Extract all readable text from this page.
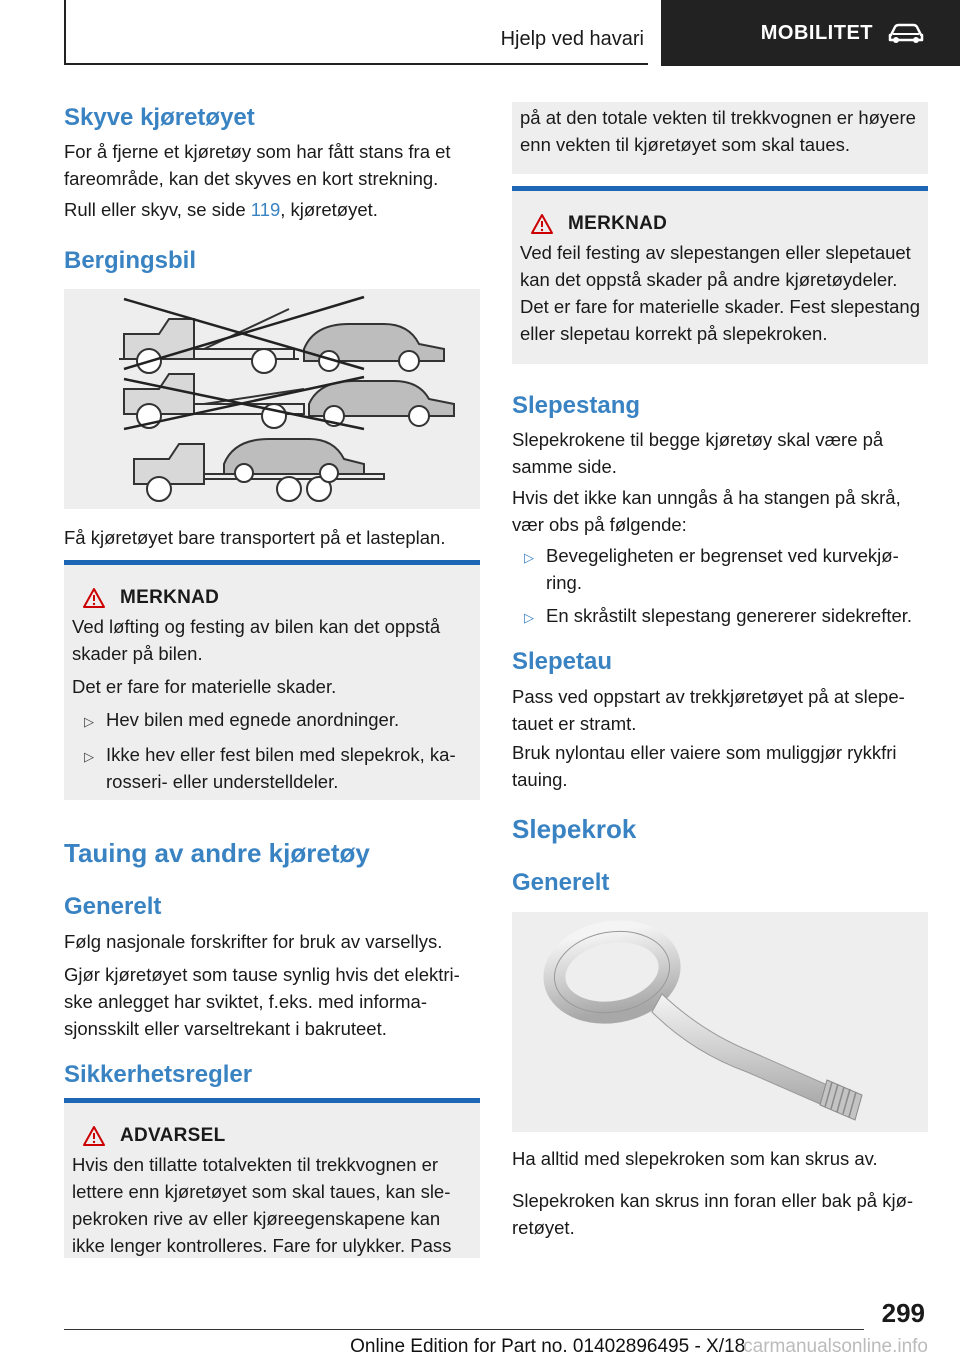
Hjelp ved havari	MOBILITET
Skyve kjøretøyet
For å fjerne et kjøretøy som har fått stans fra et fareområde, kan det skyves en kort strekning.
Rull eller skyv, se side 119, kjøretøyet.
Bergingsbil
Få kjøretøyet bare transportert på et lasteplan.
MERKNAD

Ved løfting og festing av bilen kan det oppstå skader på bilen.

Det er fare for materielle skader.

▷ Hev bilen med egnede anordninger.
▷ Ikke hev eller fest bilen med slepekrok, karosseri- eller understelldeler.
Tauing av andre kjøretøy
Generelt
Følg nasjonale forskrifter for bruk av varsellys.
Gjør kjøretøyet som tause synlig hvis det elektriske anlegget har sviktet, f.eks. med informasjonsskilt eller varseltrekant i bakruteet.
Sikkerhetsregler
ADVARSEL

Hvis den tillatte totalvekten til trekkvognen er lettere enn kjøretøyet som skal taues, kan slepekroken rive av eller kjøreegenskapene kan ikke lenger kontrolleres. Fare for ulykker. Pass

på at den totale vekten til trekkvognen er høyere enn vekten til kjøretøyet som skal taues.

MERKNAD

Ved feil festing av slepestangen eller slepetauet kan det oppstå skader på andre kjøretøydeler. Det er fare for materielle skader. Fest slepestang eller slepetau korrekt på slepekroken.

Slepestang
Slepekrokene til begge kjøretøy skal være på samme side.
Hvis det ikke kan unngås å ha stangen på skrå, vær obs på følgende:
▷ Bevegeligheten er begrenset ved kurvekjøring.
▷ En skråstilt slepestang genererer sidekrefter.
Slepetau
Pass ved oppstart av trekkjøretøyet på at slepetauet er stramt.
Bruk nylontau eller vaiere som muliggjør rykkfri tauing.
Slepekrok
Generelt
Ha alltid med slepekroken som kan skrus av.
Slepekroken kan skrus inn foran eller bak på kjøretøyet.
299
Online Edition for Part no. 01402896495 - X/18carmanualsonline.info
